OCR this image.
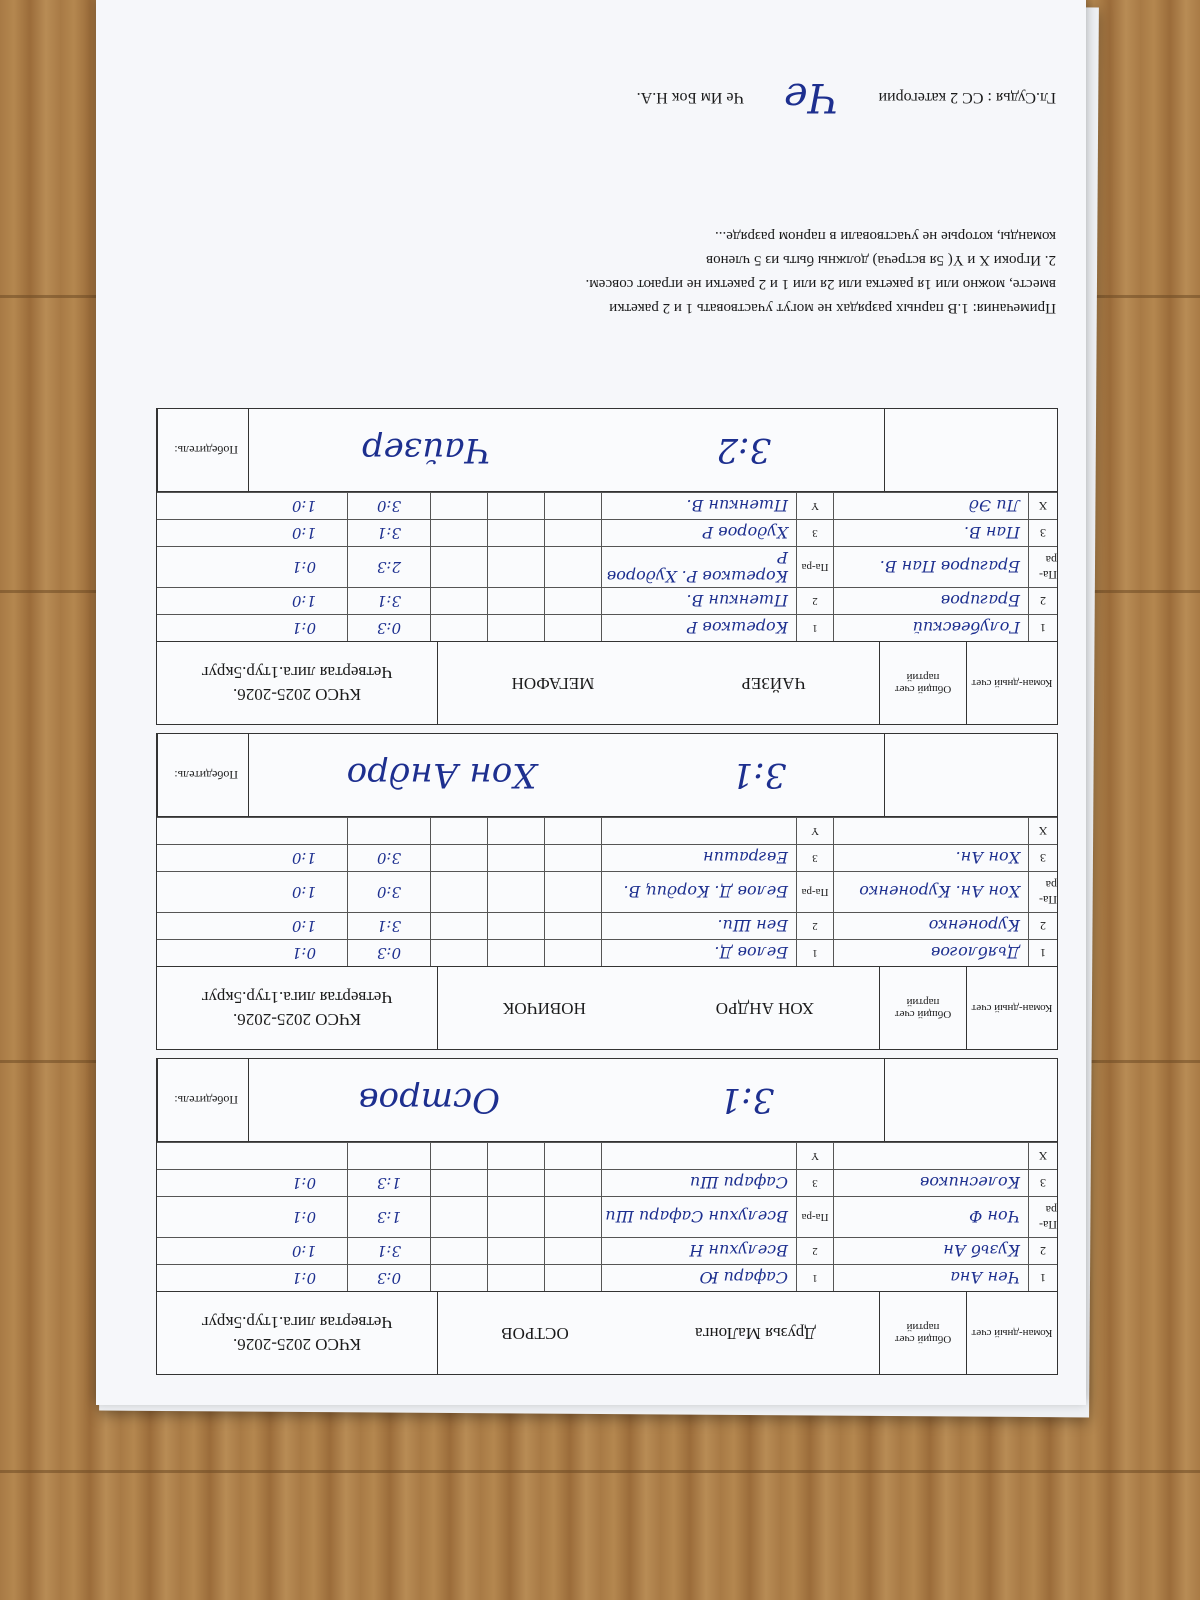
Коман-дный счет
Общий счет партий
Друзья МаЛонга
ОСТРОВ
КЧСО 2025-2026.
Четвертая лига.1тур.5круг
1
Чен Ана
1
Сафари Ю
0:3
0:1
2
Кузьб Ан
2
Вселухин Н
3:1
1:0
Па-ра
Чон Ф
Па-ра
Вселухин Сафари Ши
1:3
0:1
3
Колесников
3
Сафари Ши
1:3
0:1
X
Y
3:1
Остров
Победитель:
Коман-дный счет
Общий счет партий
ХОН АНДРО
НОВИЧОК
КЧСО 2025-2026.
Четвертая лига.1тур.5круг
1
Дьяблогов
1
Белов Д.
0:3
0:1
2
Куроненко
2
Бен Ши.
3:1
1:0
Па-ра
Хон Ан. Куроненко
Па-ра
Белов Д. Кордиц В.
3:0
1:0
3
Хон Ан.
3
Евграшин
3:0
1:0
X
Y
3:1
Хон Андро
Победитель:
Коман-дный счет
Общий счет партий
ЧАЙЗЕР
МЕГАФОН
КЧСО 2025-2026.
Четвертая лига.1тур.5круг
1
Голубевский
1
Корешков Р
0:3
0:1
2
Брагиров
2
Пшенкин В.
3:1
1:0
Па-ра
Брагиров Пан В.
Па-ра
Корешков Р. Худоров Р
2:3
0:1
3
Пан В.
3
Худоров Р
3:1
1:0
X
Ли Эд
Y
Пшенкин В.
3:0
1:0
3:2
Чайзер
Победитель:
Примечания: 1.В парных разрядах не могут участвовать 1 и 2 ракетки
вместе, можно или 1я ракетка или 2я или 1 и 2 ракетки не играют совсем.
2. Игроки X и Y( 5я встреча) должны быть из 5 членов
команды, которые не участвовали в парном разряде...
Гл.Судья : СС 2 категории
Че
Че Им Бок Н.А.
